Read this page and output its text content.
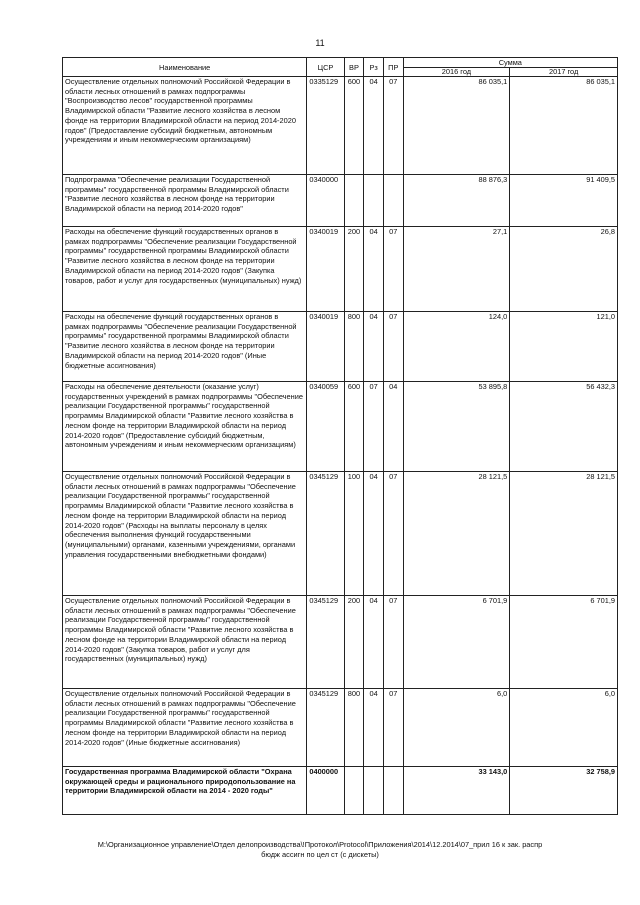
11
Наименование	ЦСР	ВР	Рз	ПР	Сумма	
					2016 год	2017 год
Осуществление отдельных полномочий Российской Федерации в области лесных отношений в рамках подпрограммы "Воспроизводство лесов" государственной программы Владимирской области "Развитие лесного хозяйства в лесном фонде на территории Владимирской области на период 2014-2020 годов" (Предоставление субсидий бюджетным, автономным учреждениям и иным некоммерческим организациям)	0335129	600	04	07	86 035,1	86 035,1
Подпрограмма "Обеспечение реализации Государственной программы" государственной программы Владимирской области "Развитие лесного хозяйства в лесном фонде на территории Владимирской области на период 2014-2020 годов"	0340000				88 876,3	91 409,5
Расходы на обеспечение функций государственных органов в рамках подпрограммы "Обеспечение реализации Государственной программы" государственной программы Владимирской области "Развитие лесного хозяйства в лесном фонде на территории Владимирской области на период 2014-2020 годов" (Закупка товаров, работ и услуг для государственных (муниципальных) нужд)	0340019	200	04	07	27,1	26,8
Расходы на обеспечение функций государственных органов в рамках подпрограммы "Обеспечение реализации Государственной программы" государственной программы Владимирской области "Развитие лесного хозяйства в лесном фонде на территории Владимирской области на период 2014-2020 годов" (Иные бюджетные ассигнования)	0340019	800	04	07	124,0	121,0
Расходы на обеспечение деятельности (оказание услуг) государственных учреждений в рамках подпрограммы "Обеспечение реализации Государственной программы" государственной программы Владимирской области "Развитие лесного хозяйства в лесном фонде на территории Владимирской области на период 2014-2020 годов" (Предоставление субсидий бюджетным, автономным учреждениям и иным некоммерческим организациям)	0340059	600	07	04	53 895,8	56 432,3
Осуществление отдельных полномочий Российской Федерации в области лесных отношений в рамках подпрограммы "Обеспечение реализации Государственной программы" государственной программы Владимирской области "Развитие лесного хозяйства в лесном фонде на территории Владимирской области на период 2014-2020 годов" (Расходы на выплаты персоналу в целях обеспечения выполнения функций государственными (муниципальными) органами, казенными учреждениями, органами управления государственными внебюджетными фондами)	0345129	100	04	07	28 121,5	28 121,5
Осуществление отдельных полномочий Российской Федерации в области лесных отношений в рамках подпрограммы "Обеспечение реализации Государственной программы" государственной программы Владимирской области "Развитие лесного хозяйства в лесном фонде на территории Владимирской области на период 2014-2020 годов" (Закупка товаров, работ и услуг для государственных (муниципальных) нужд)	0345129	200	04	07	6 701,9	6 701,9
Осуществление отдельных полномочий Российской Федерации в области лесных отношений в рамках подпрограммы "Обеспечение реализации Государственной программы" государственной программы Владимирской области "Развитие лесного хозяйства в лесном фонде на территории Владимирской области на период 2014-2020 годов" (Иные бюджетные ассигнования)	0345129	800	04	07	6,0	6,0
Государственная программа Владимирской области "Охрана окружающей среды и рационального природопользование на территории Владимирской области на 2014 - 2020 годы"	0400000				33 143,0	32 758,9
M:\Организационное управление\Отдел делопроизводства\!Протокол\Protocol\Приложения\2014\12.2014\07_прил 16 к зак. распр
бюдж ассигн по цел ст (с дискеты)
